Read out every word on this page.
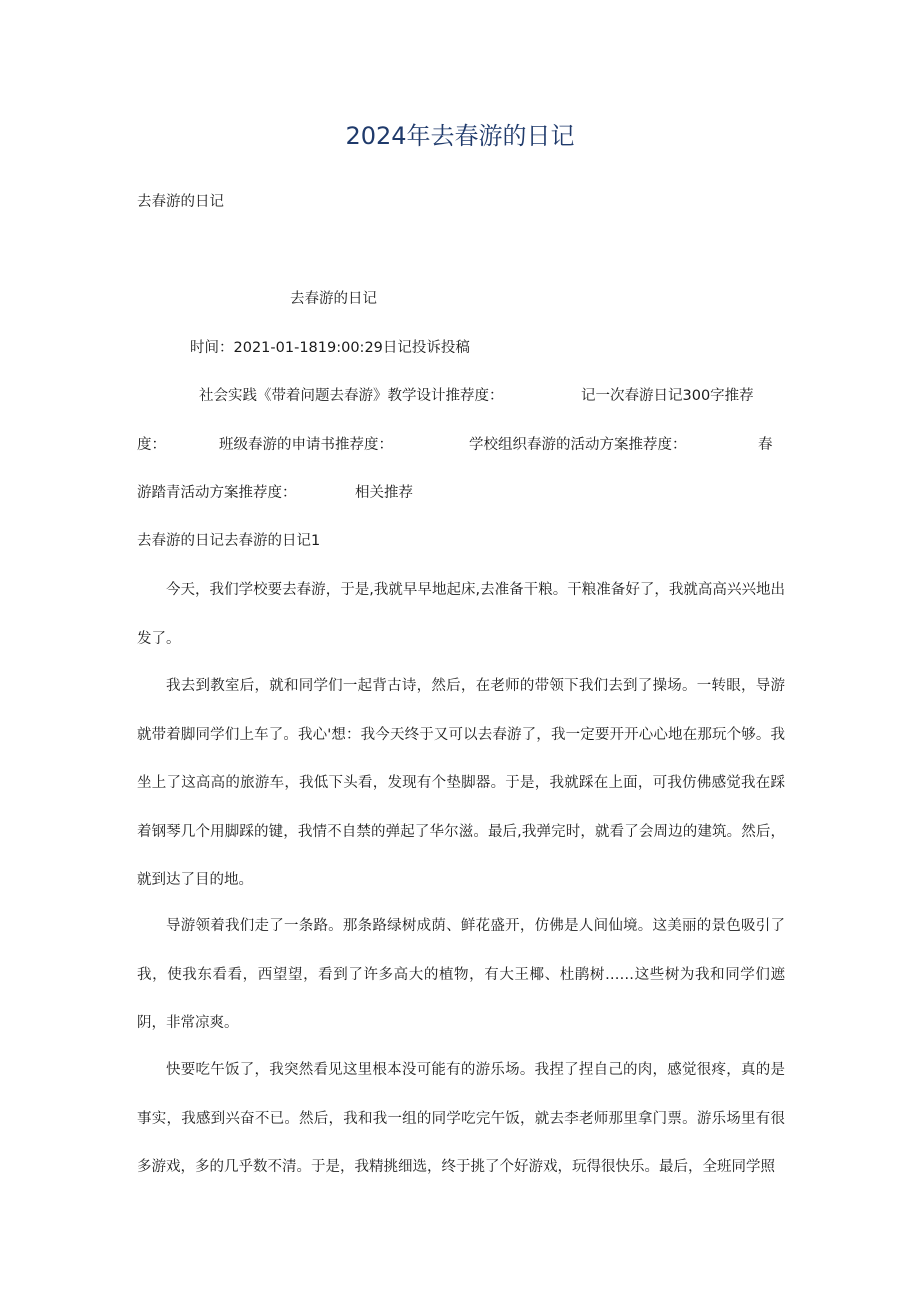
2024年去春游的日记
去春游的日记
去春游的日记
时间：2021-01-1819:00:29日记投诉投稿
社会实践《带着问题去春游》教学设计推荐度：	记一次春游日记300字推荐
度：	班级春游的申请书推荐度：	学校组织春游的活动方案推荐度：	春
游踏青活动方案推荐度：	相关推荐
去春游的日记去春游的日记1
今天，我们学校要去春游，于是,我就早早地起床,去准备干粮。干粮准备好了，我就高高兴兴地出发了。
我去到教室后，就和同学们一起背古诗，然后，在老师的带领下我们去到了操场。一转眼，导游就带着脚同学们上车了。我心'想：我今天终于又可以去春游了，我一定要开开心心地在那玩个够。我坐上了这高高的旅游车，我低下头看，发现有个垫脚器。于是，我就踩在上面，可我仿佛感觉我在踩着钢琴几个用脚踩的键，我情不自禁的弹起了华尔滋。最后,我弹完时，就看了会周边的建筑。然后，就到达了目的地。
导游领着我们走了一条路。那条路绿树成荫、鲜花盛开，仿佛是人间仙境。这美丽的景色吸引了我，使我东看看，西望望，看到了许多高大的植物，有大王椰、杜鹃树……这些树为我和同学们遮阴，非常凉爽。
快要吃午饭了，我突然看见这里根本没可能有的游乐场。我捏了捏自己的肉，感觉很疼，真的是事实，我感到兴奋不已。然后，我和我一组的同学吃完午饭，就去李老师那里拿门票。游乐场里有很多游戏，多的几乎数不清。于是，我精挑细选，终于挑了个好游戏，玩得很快乐。最后，全班同学照
